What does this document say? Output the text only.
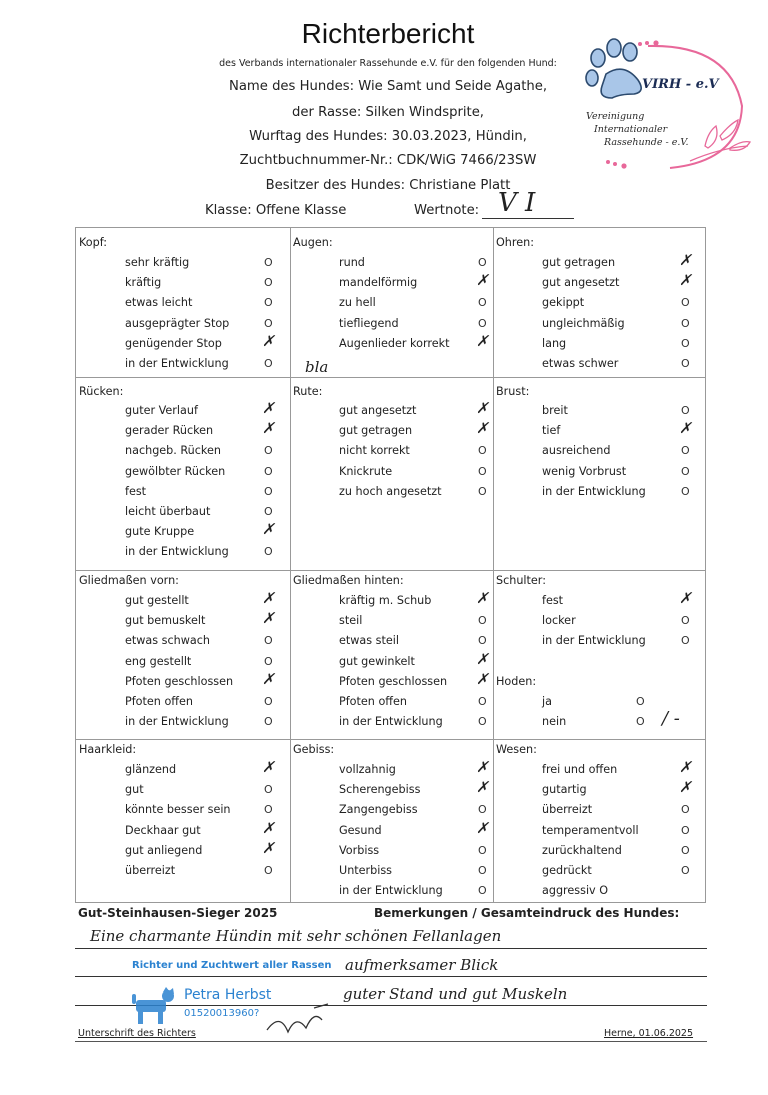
Richterbericht
des Verbands internationaler Rassehunde e.V. für den folgenden Hund:
Name des Hundes: Wie Samt und Seide Agathe,
der Rasse: Silken Windsprite,
Wurftag des Hundes: 30.03.2023, Hündin,
Zuchtbuchnummer-Nr.: CDK/WiG 7466/23SW
Besitzer des Hundes: Christiane Platt
Klasse: Offene Klasse	Wertnote: V I
VIRH - e.V
Vereinigung
Internationaler
Rassehunde - e.V.
Kopf:
sehr kräftig	O
kräftig	O
etwas leicht	O
ausgeprägter Stop	O
genügender Stop	✗
in der Entwicklung	O
Augen:
rund	O
mandelförmig	✗
zu hell	O
tiefliegend	O
Augenlieder korrekt ✗
Ohren:
gut getragen	✗
gut angesetzt	✗
gekippt	O
ungleichmäßig	O
lang	O
etwas schwer	O
Rücken:
guter Verlauf	✗
gerader Rücken	✗
nachgeb. Rücken	O
gewölbter Rücken	O
fest	O
leicht überbaut	O
gute Kruppe	✗
in der Entwicklung	O
Rute:
gut angesetzt	✗
gut getragen	✗
nicht korrekt	O
Knickrute	O
zu hoch angesetzt	O
Brust:
breit	O
tief	✗
ausreichend	O
wenig Vorbrust	O
in der Entwicklung	O
Gliedmaßen vorn:
gut gestellt	✗
gut bemuskelt	✗
etwas schwach	O
eng gestellt	O
Pfoten geschlossen ✗
Pfoten offen	O
in der Entwicklung	O
Gliedmaßen hinten:
kräftig m. Schub	✗
steil	O
etwas steil	O
gut gewinkelt	✗
Pfoten geschlossen ✗
Pfoten offen	O
in der Entwicklung	O
Schulter:
fest	✗
locker	O
in der Entwicklung	O
Hoden:
ja	O
nein	O
Haarkleid:
glänzend	✗
gut	O
könnte besser sein	O
Deckhaar gut	✗
gut anliegend	✗
überreizt	O
Gebiss:
vollzahnig	✗
Scherengebiss	✗
Zangengebiss	O
Gesund	✗
Vorbiss	O
Unterbiss	O
in der Entwicklung	O
Wesen:
frei und offen	✗
gutartig	✗
überreizt	O
temperamentvoll	O
zurückhaltend	O
gedrückt	O
aggressiv O
bla
/ -
Gut-Steinhausen-Sieger 2025	Bemerkungen / Gesamteindruck des Hundes:
Eine charmante Hündin mit sehr schönen Fellanlagen
aufmerksamer Blick
guter Stand und gut Muskeln
Richter und Zuchtwert aller Rassen
Petra Herbst
01520013960?
Unterschrift des Richters	Herne, 01.06.2025
